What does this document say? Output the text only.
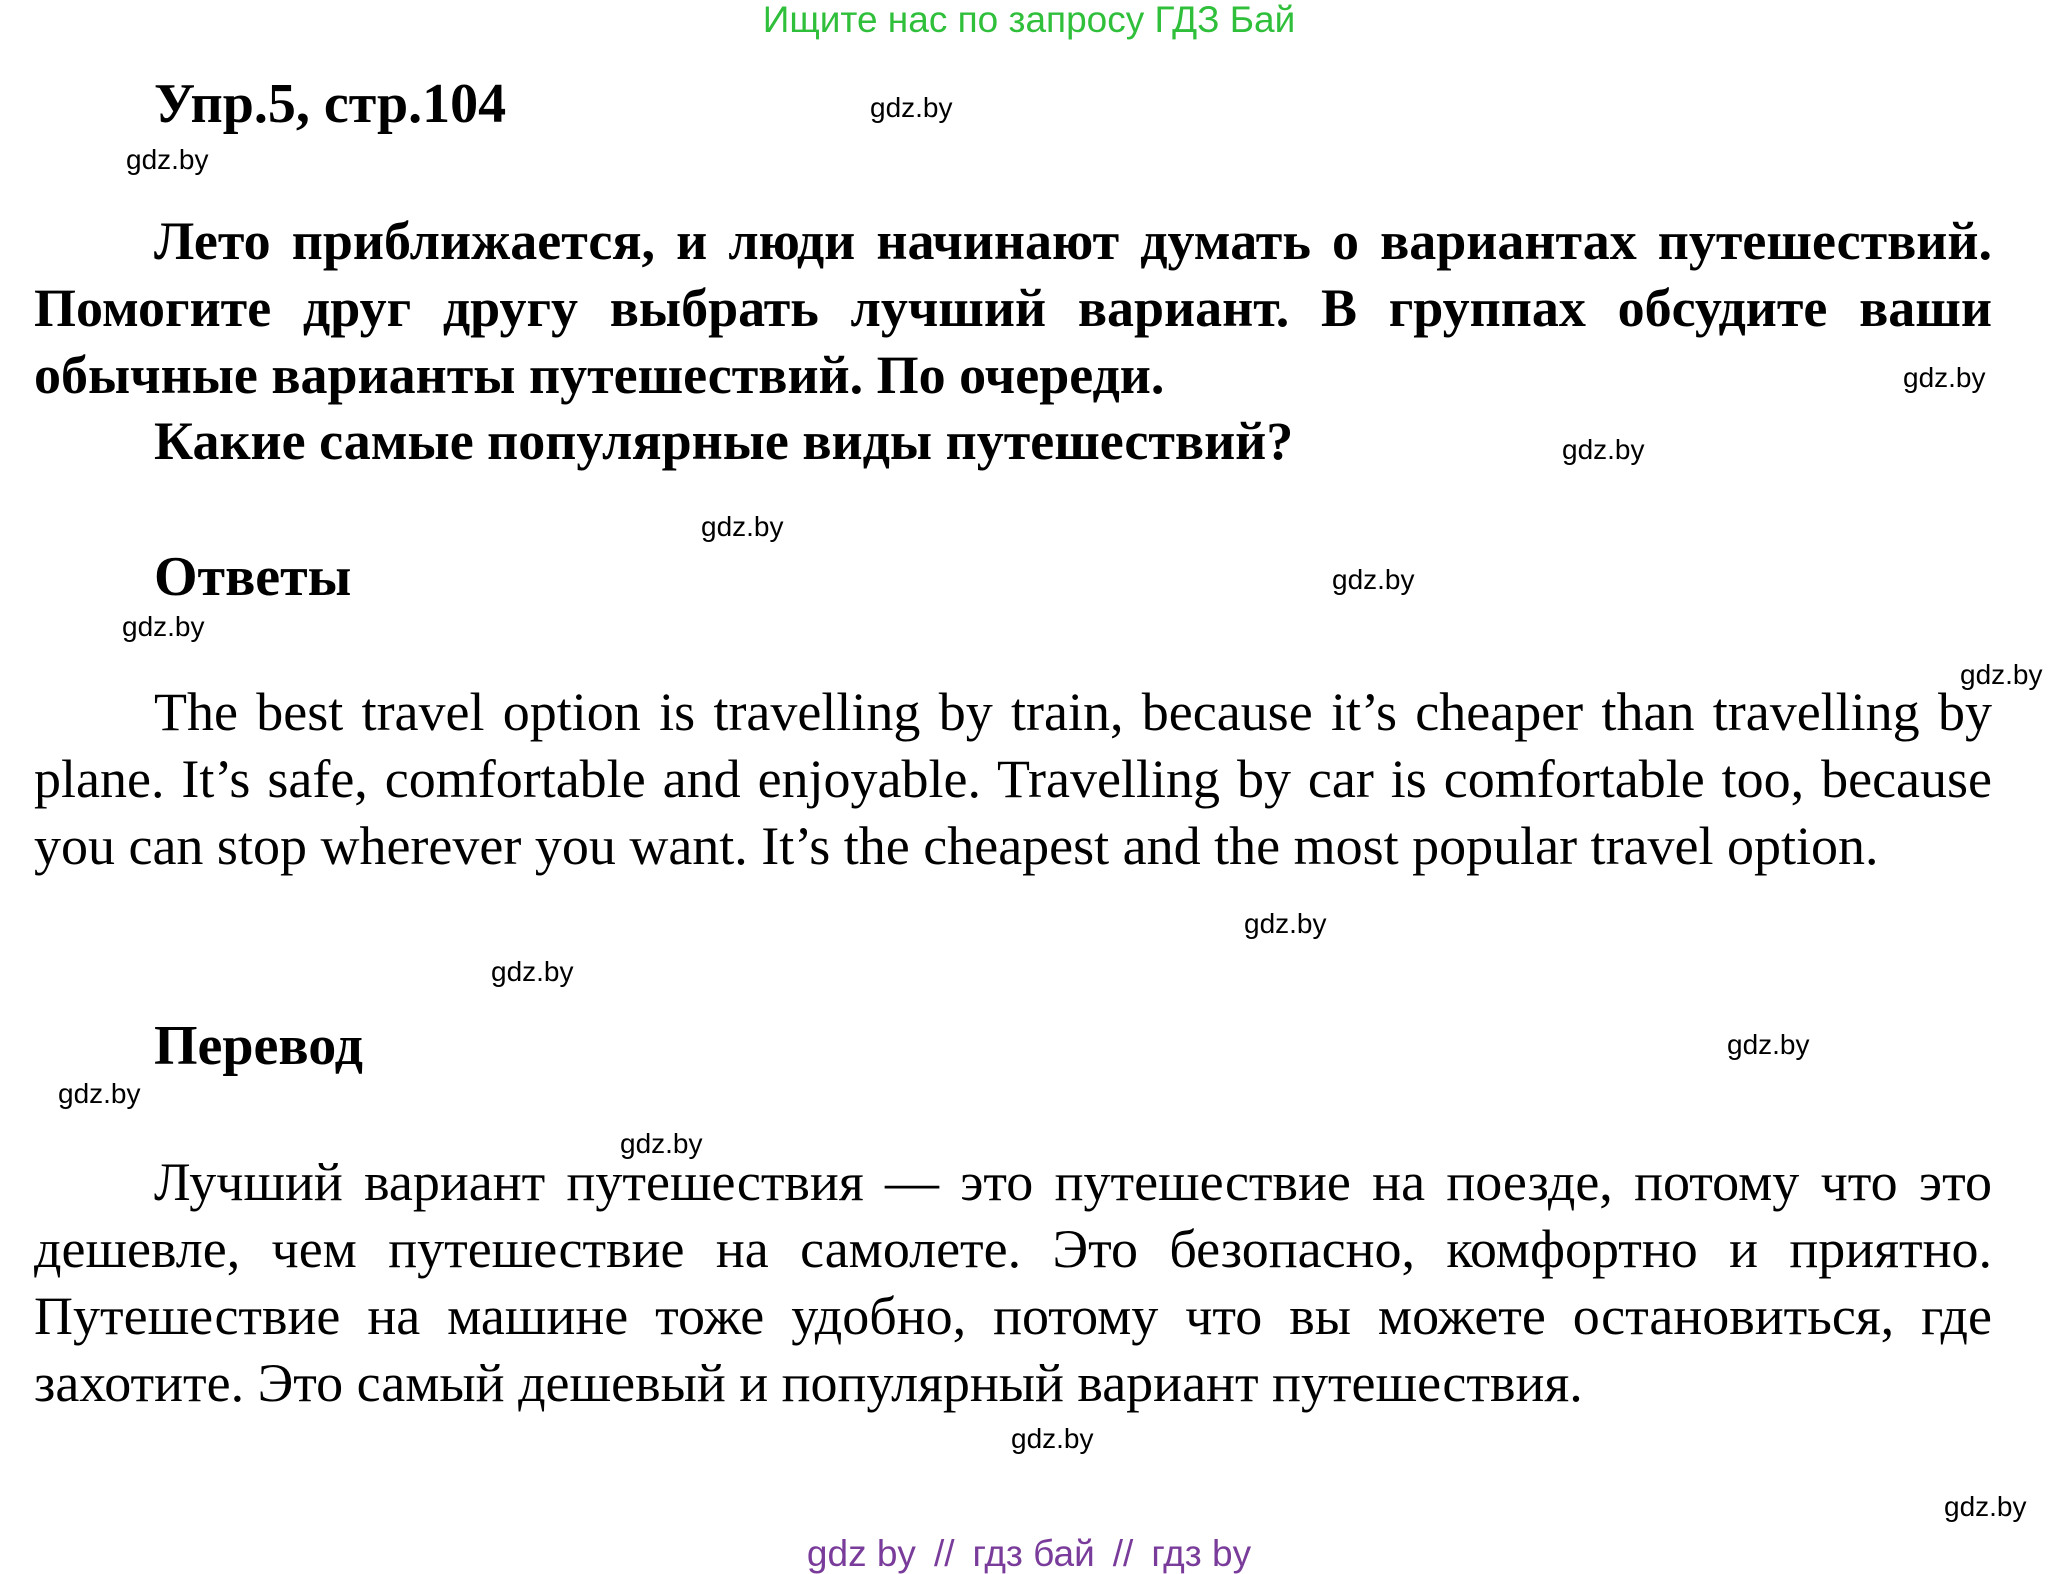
Ищите нас по запросу ГДЗ Бай
Упр.5, стр.104
Лето приближается, и люди начинают думать о вариантах путешествий. Помогите друг другу выбрать лучший вариант. В группах обсудите ваши обычные варианты путешествий. По очереди.
Какие самые популярные виды путешествий?
Ответы
The best travel option is travelling by train, because it’s cheaper than travelling by plane. It’s safe, comfortable and enjoyable. Travelling by car is comfortable too, because you can stop wherever you want. It’s the cheapest and the most popular travel option.
Перевод
Лучший вариант путешествия — это путешествие на поезде, потому что это дешевле, чем путешествие на самолете. Это безопасно, комфортно и приятно. Путешествие на машине тоже удобно, потому что вы можете остановиться, где захотите. Это самый дешевый и популярный вариант путешествия.
gdz.by
gdz.by
gdz.by
gdz.by
gdz.by
gdz.by
gdz.by
gdz.by
gdz.by
gdz.by
gdz.by
gdz.by
gdz.by
gdz.by
gdz.by
gdz by // гдз бай // гдз by
